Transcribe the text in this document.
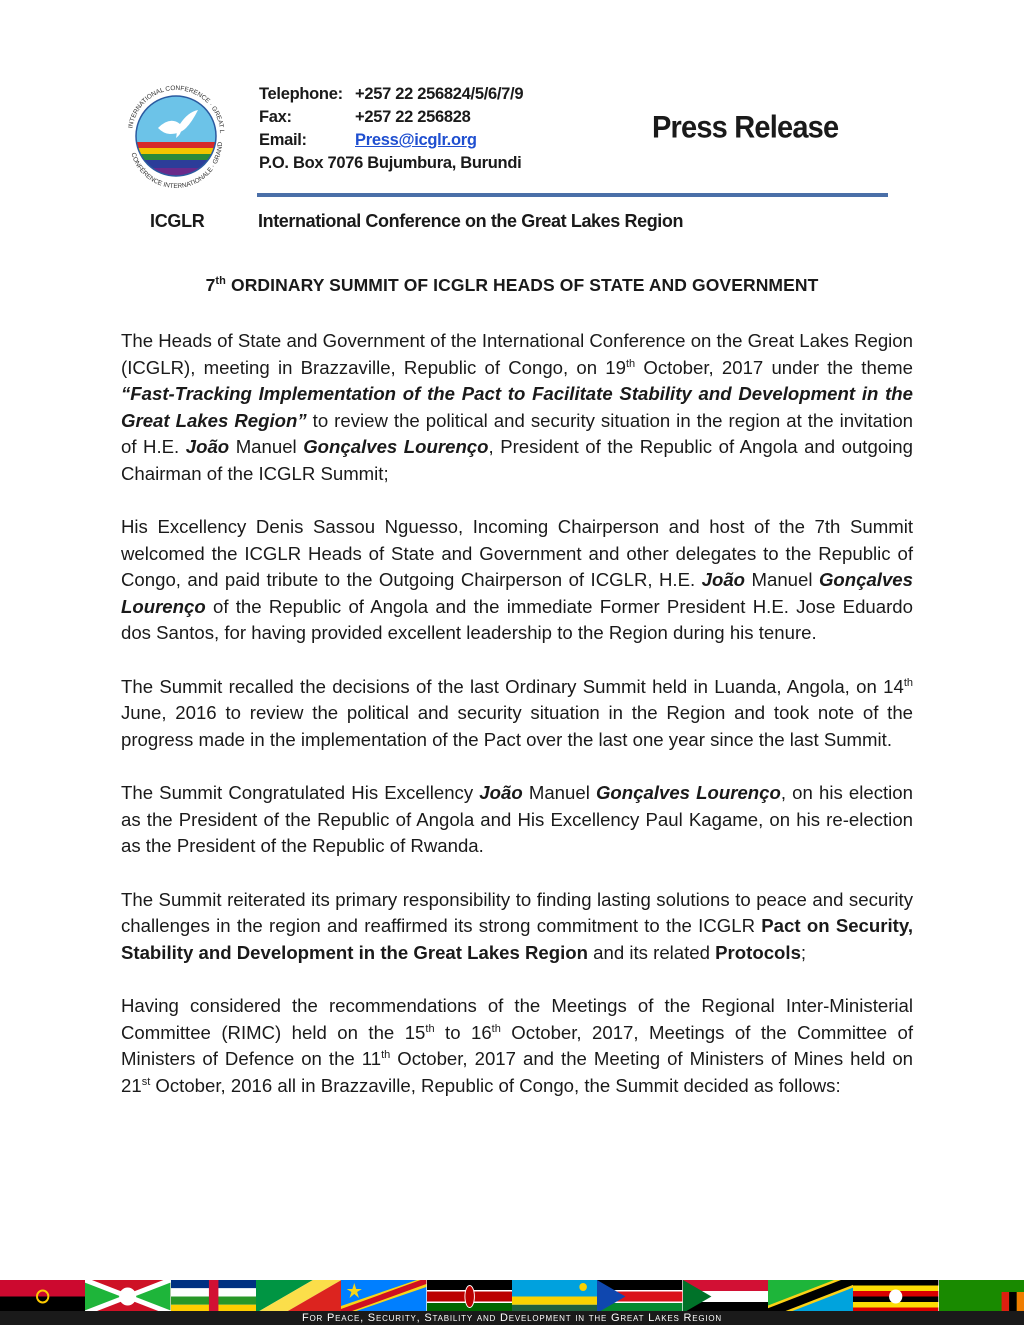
INTERNATIONAL CONFERENCE · GREAT L
CONFÉRENCE INTERNATIONALE · GRAND
ICGLR
Telephone: +257 22 256824/5/6/7/9
Fax:	+257 22 256828
Email:	Press@icglr.org
P.O. Box 7076 Bujumbura, Burundi
Press Release
International Conference on the Great Lakes Region
7th ORDINARY SUMMIT OF ICGLR HEADS OF STATE AND GOVERNMENT

The Heads of State and Government of the International Conference on the Great Lakes Region (ICGLR), meeting in Brazzaville, Republic of Congo, on 19th October, 2017 under the theme “Fast-Tracking Implementation of the Pact to Facilitate Stability and Development in the Great Lakes Region” to review the political and security situation in the region at the invitation of H.E. João Manuel Gonçalves Lourenço, President of the Republic of Angola and outgoing Chairman of the ICGLR Summit;

His Excellency Denis Sassou Nguesso, Incoming Chairperson and host of the 7th Summit welcomed the ICGLR Heads of State and Government and other delegates to the Republic of Congo, and paid tribute to the Outgoing Chairperson of ICGLR, H.E. João Manuel Gonçalves Lourenço of the Republic of Angola and the immediate Former President H.E. Jose Eduardo dos Santos, for having provided excellent leadership to the Region during his tenure.

The Summit recalled the decisions of the last Ordinary Summit held in Luanda, Angola, on 14th June, 2016 to review the political and security situation in the Region and took note of the progress made in the implementation of the Pact over the last one year since the last Summit.

The Summit Congratulated His Excellency João Manuel Gonçalves Lourenço, on his election as the President of the Republic of Angola and His Excellency Paul Kagame, on his re-election as the President of the Republic of Rwanda.

The Summit reiterated its primary responsibility to finding lasting solutions to peace and security challenges in the region and reaffirmed its strong commitment to the ICGLR Pact on Security, Stability and Development in the Great Lakes Region and its related Protocols;

Having considered the recommendations of the Meetings of the Regional Inter-Ministerial Committee (RIMC) held on the 15th to 16th October, 2017, Meetings of the Committee of Ministers of Defence on the 11th October, 2017 and the Meeting of Ministers of Mines held on 21st October, 2016 all in Brazzaville, Republic of Congo, the Summit decided as follows:

For Peace, Security, Stability and Development in the Great Lakes Region
